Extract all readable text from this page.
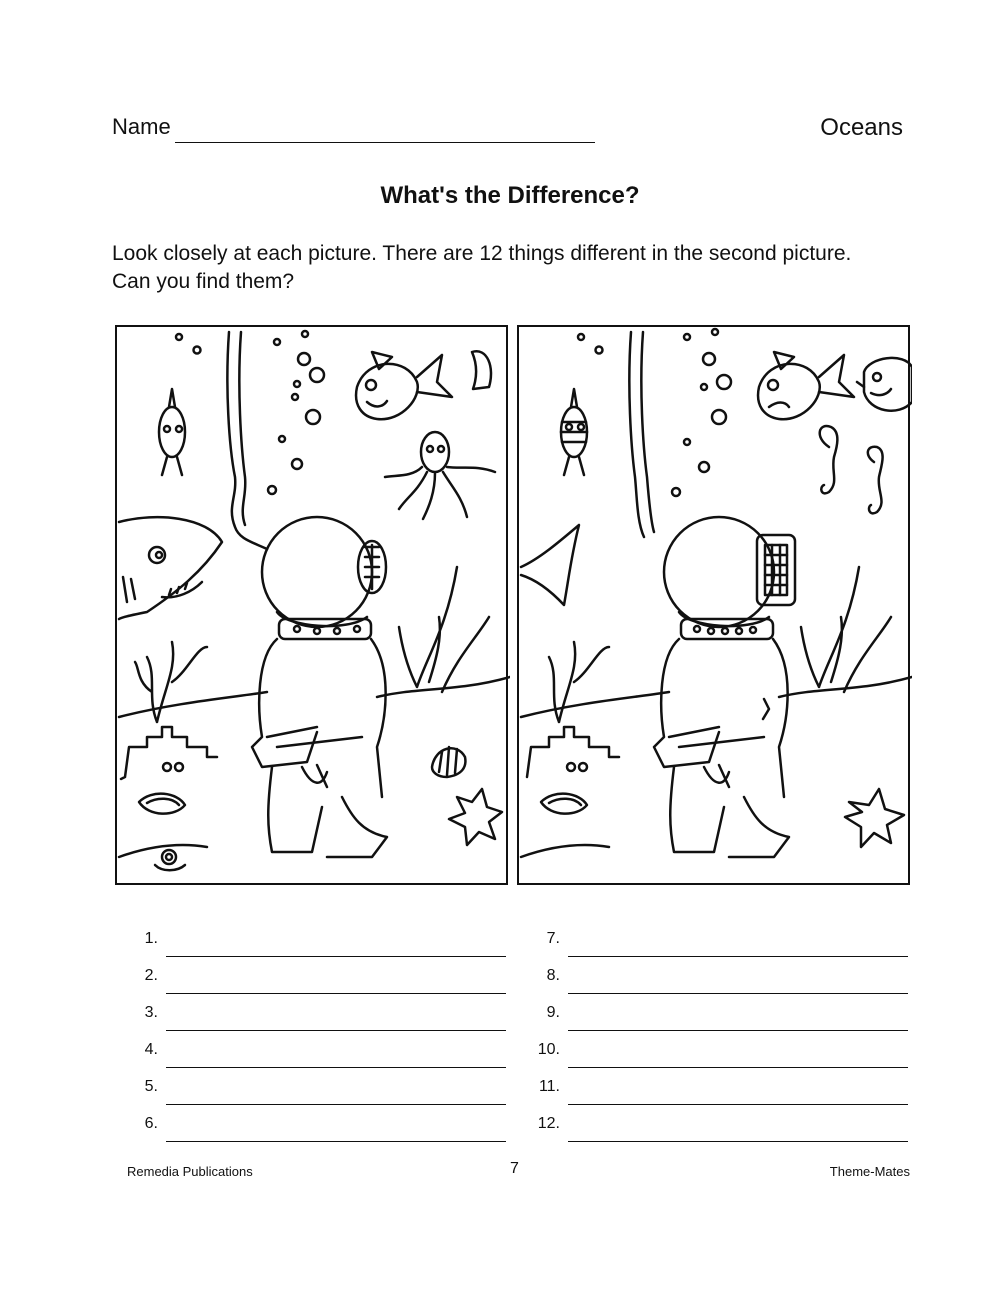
Name	Oceans
What's the Difference?
Look closely at each picture. There are 12 things different in the second picture. Can you find them?
1.
2.
3.
4.
5.
6.
7.
8.
9.
10.
11.
12.
Remedia Publications	7	Theme-Mates
